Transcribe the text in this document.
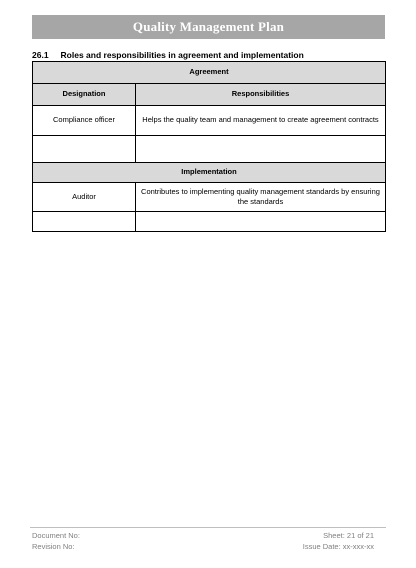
Quality Management Plan
26.1 Roles and responsibilities in agreement and implementation
Agreement	
Designation	Responsibilities
Compliance officer	Helps the quality team and management to create agreement contracts

Implementation	
Auditor	Contributes to implementing quality management standards by ensuring the standards

Document No:
Revision No:
Sheet: 21 of 21
Issue Date: xx-xxx-xx
